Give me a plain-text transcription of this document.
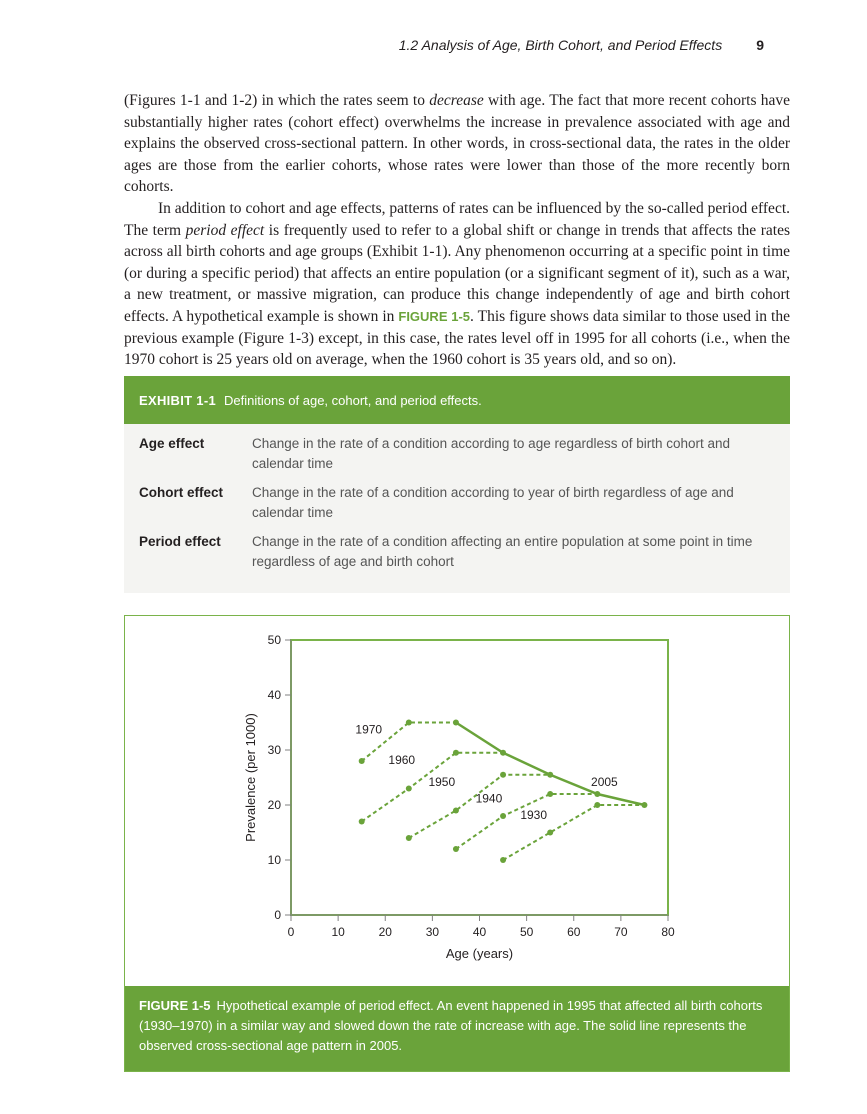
1.2 Analysis of Age, Birth Cohort, and Period Effects 9

(Figures 1-1 and 1-2) in which the rates seem to decrease with age. The fact that more recent cohorts have substantially higher rates (cohort effect) overwhelms the increase in prevalence associated with age and explains the observed cross-sectional pattern. In other words, in cross-sectional data, the rates in the older ages are those from the earlier cohorts, whose rates were lower than those of the more recently born cohorts.

In addition to cohort and age effects, patterns of rates can be influenced by the so-called period effect. The term period effect is frequently used to refer to a global shift or change in trends that affects the rates across all birth cohorts and age groups (Exhibit 1-1). Any phenomenon occurring at a specific point in time (or during a specific period) that affects an entire population (or a significant segment of it), such as a war, a new treatment, or massive migration, can produce this change independently of age and birth cohort effects. A hypothetical example is shown in FIGURE 1-5. This figure shows data similar to those used in the previous example (Figure 1-3) except, in this case, the rates level off in 1995 for all cohorts (i.e., when the 1970 cohort is 25 years old on average, when the 1960 cohort is 35 years old, and so on).

EXHIBIT 1-1 Definitions of age, cohort, and period effects.
Age effect	Change in the rate of a condition according to age regardless of birth cohort and calendar time
Cohort effect	Change in the rate of a condition according to year of birth regardless of age and calendar time
Period effect	Change in the rate of a condition affecting an entire population at some point in time regardless of age and birth cohort
0
10
20
30
40
50
0	10	20	30	40	50	60	70	80
1970
1960
1950
1940
1930
2005
Age (years)
Prevalence (per 1000)
FIGURE 1-5 Hypothetical example of period effect. An event happened in 1995 that affected all birth cohorts (1930–1970) in a similar way and slowed down the rate of increase with age. The solid line represents the observed cross-sectional age pattern in 2005.
